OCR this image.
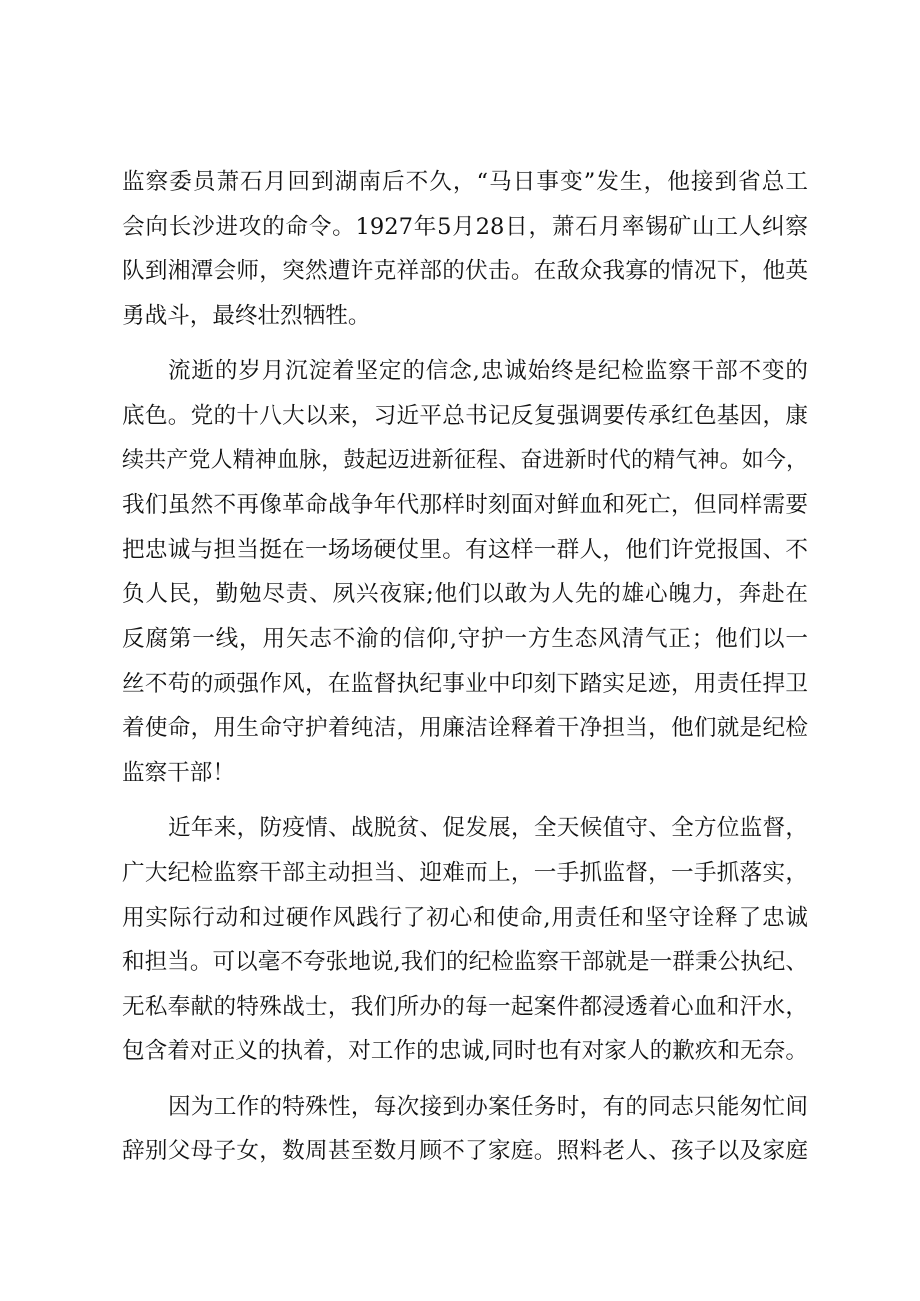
监察委员萧石月回到湖南后不久，“马日事变”发生，他接到省总工
会向长沙进攻的命令。1927年5月28日，萧石月率锡矿山工人纠察
队到湘潭会师，突然遭许克祥部的伏击。在敌众我寡的情况下，他英
勇战斗，最终壮烈牺牲。
流逝的岁月沉淀着坚定的信念,忠诚始终是纪检监察干部不变的
底色。党的十八大以来，习近平总书记反复强调要传承红色基因，康
续共产党人精神血脉，鼓起迈进新征程、奋进新时代的精气神。如今，
我们虽然不再像革命战争年代那样时刻面对鲜血和死亡，但同样需要
把忠诚与担当挺在一场场硬仗里。有这样一群人，他们许党报国、不
负人民，勤勉尽责、夙兴夜寐;他们以敢为人先的雄心魄力，奔赴在
反腐第一线，用矢志不渝的信仰,守护一方生态风清气正；他们以一
丝不苟的顽强作风，在监督执纪事业中印刻下踏实足迹，用责任捍卫
着使命，用生命守护着纯洁，用廉洁诠释着干净担当，他们就是纪检
监察干部！
近年来，防疫情、战脱贫、促发展，全天候值守、全方位监督，
广大纪检监察干部主动担当、迎难而上，一手抓监督，一手抓落实，
用实际行动和过硬作风践行了初心和使命,用责任和坚守诠释了忠诚
和担当。可以毫不夸张地说,我们的纪检监察干部就是一群秉公执纪、
无私奉献的特殊战士，我们所办的每一起案件都浸透着心血和汗水，
包含着对正义的执着，对工作的忠诚,同时也有对家人的歉疚和无奈。
因为工作的特殊性，每次接到办案任务时，有的同志只能匆忙间
辞别父母子女，数周甚至数月顾不了家庭。照料老人、孩子以及家庭
